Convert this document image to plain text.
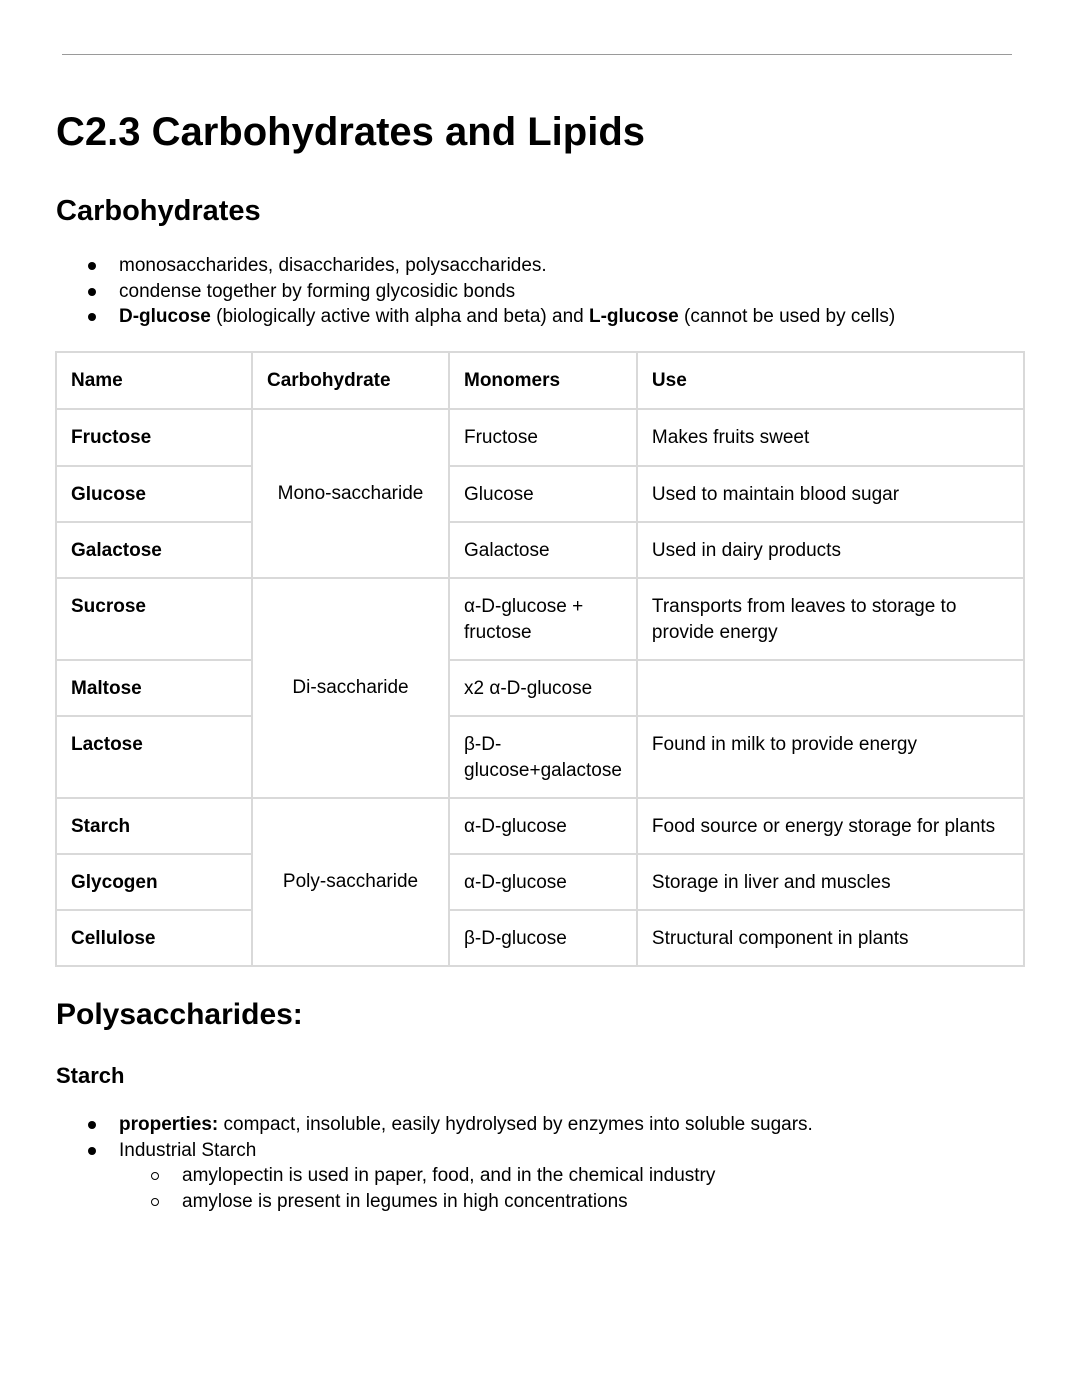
C2.3 Carbohydrates and Lipids
Carbohydrates
monosaccharides, disaccharides, polysaccharides.
condense together by forming glycosidic bonds
D-glucose (biologically active with alpha and beta) and L-glucose (cannot be used by cells)
Name	Carbohydrate	Monomers	Use
Fructose	Mono-saccharide	Fructose	Makes fruits sweet
Glucose		Glucose	Used to maintain blood sugar
Galactose		Galactose	Used in dairy products
Sucrose	Di-saccharide	α-D-glucose + fructose	Transports from leaves to storage to provide energy
Maltose		x2 α-D-glucose	
Lactose		β-D-glucose+galactose	Found in milk to provide energy
Starch	Poly-saccharide	α-D-glucose	Food source or energy storage for plants
Glycogen		α-D-glucose	Storage in liver and muscles
Cellulose		β-D-glucose	Structural component in plants
Polysaccharides:
Starch
properties: compact, insoluble, easily hydrolysed by enzymes into soluble sugars.
Industrial Starch
amylopectin is used in paper, food, and in the chemical industry
amylose is present in legumes in high concentrations
